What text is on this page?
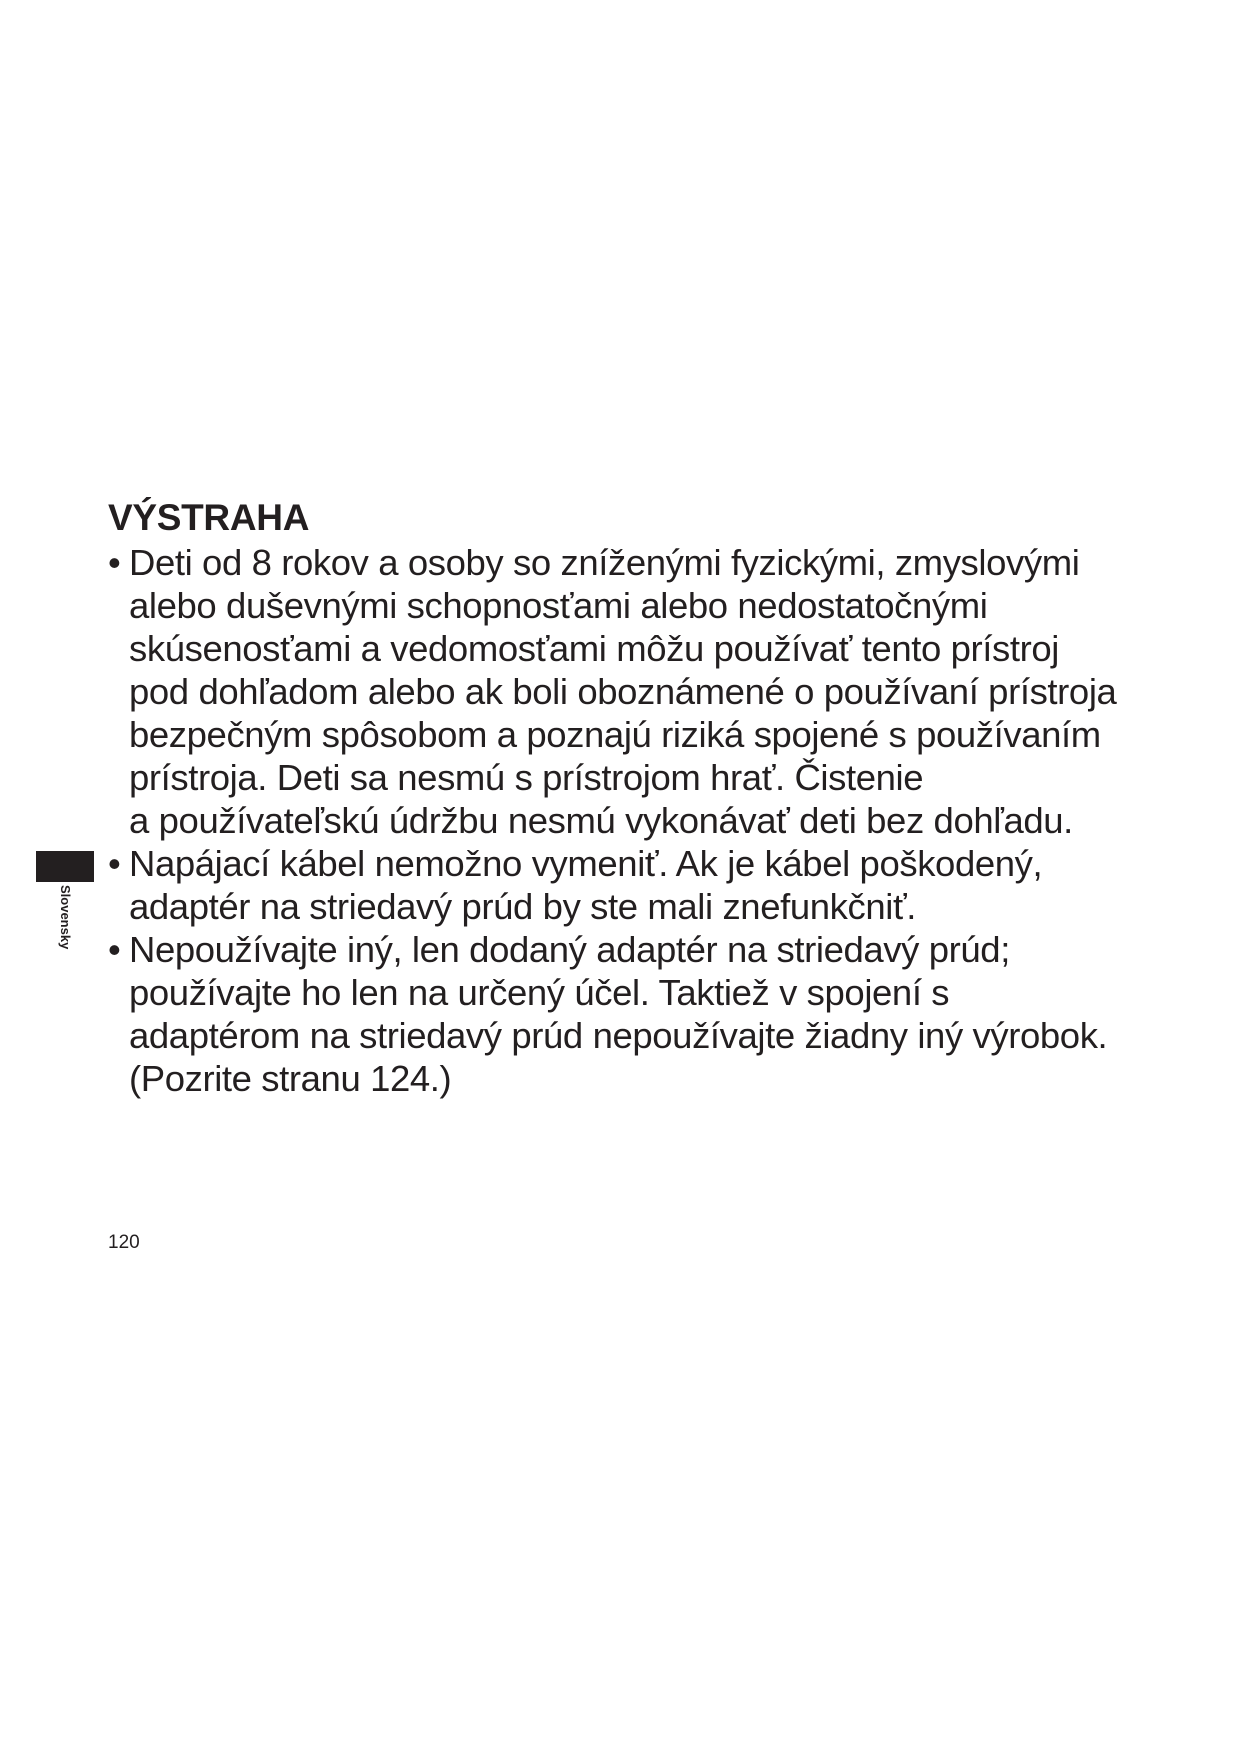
Slovensky
VÝSTRAHA
• Deti od 8 rokov a osoby so zníženými fyzickými, zmyslovými
alebo duševnými schopnosťami alebo nedostatočnými
skúsenosťami a vedomosťami môžu používať tento prístroj
pod dohľadom alebo ak boli oboznámené o používaní prístroja
bezpečným spôsobom a poznajú riziká spojené s používaním
prístroja. Deti sa nesmú s prístrojom hrať. Čistenie
a používateľskú údržbu nesmú vykonávať deti bez dohľadu.
• Napájací kábel nemožno vymeniť. Ak je kábel poškodený,
adaptér na striedavý prúd by ste mali znefunkčniť.
• Nepoužívajte iný, len dodaný adaptér na striedavý prúd;
používajte ho len na určený účel. Taktiež v spojení s
adaptérom na striedavý prúd nepoužívajte žiadny iný výrobok.
(Pozrite stranu 124.)
120
